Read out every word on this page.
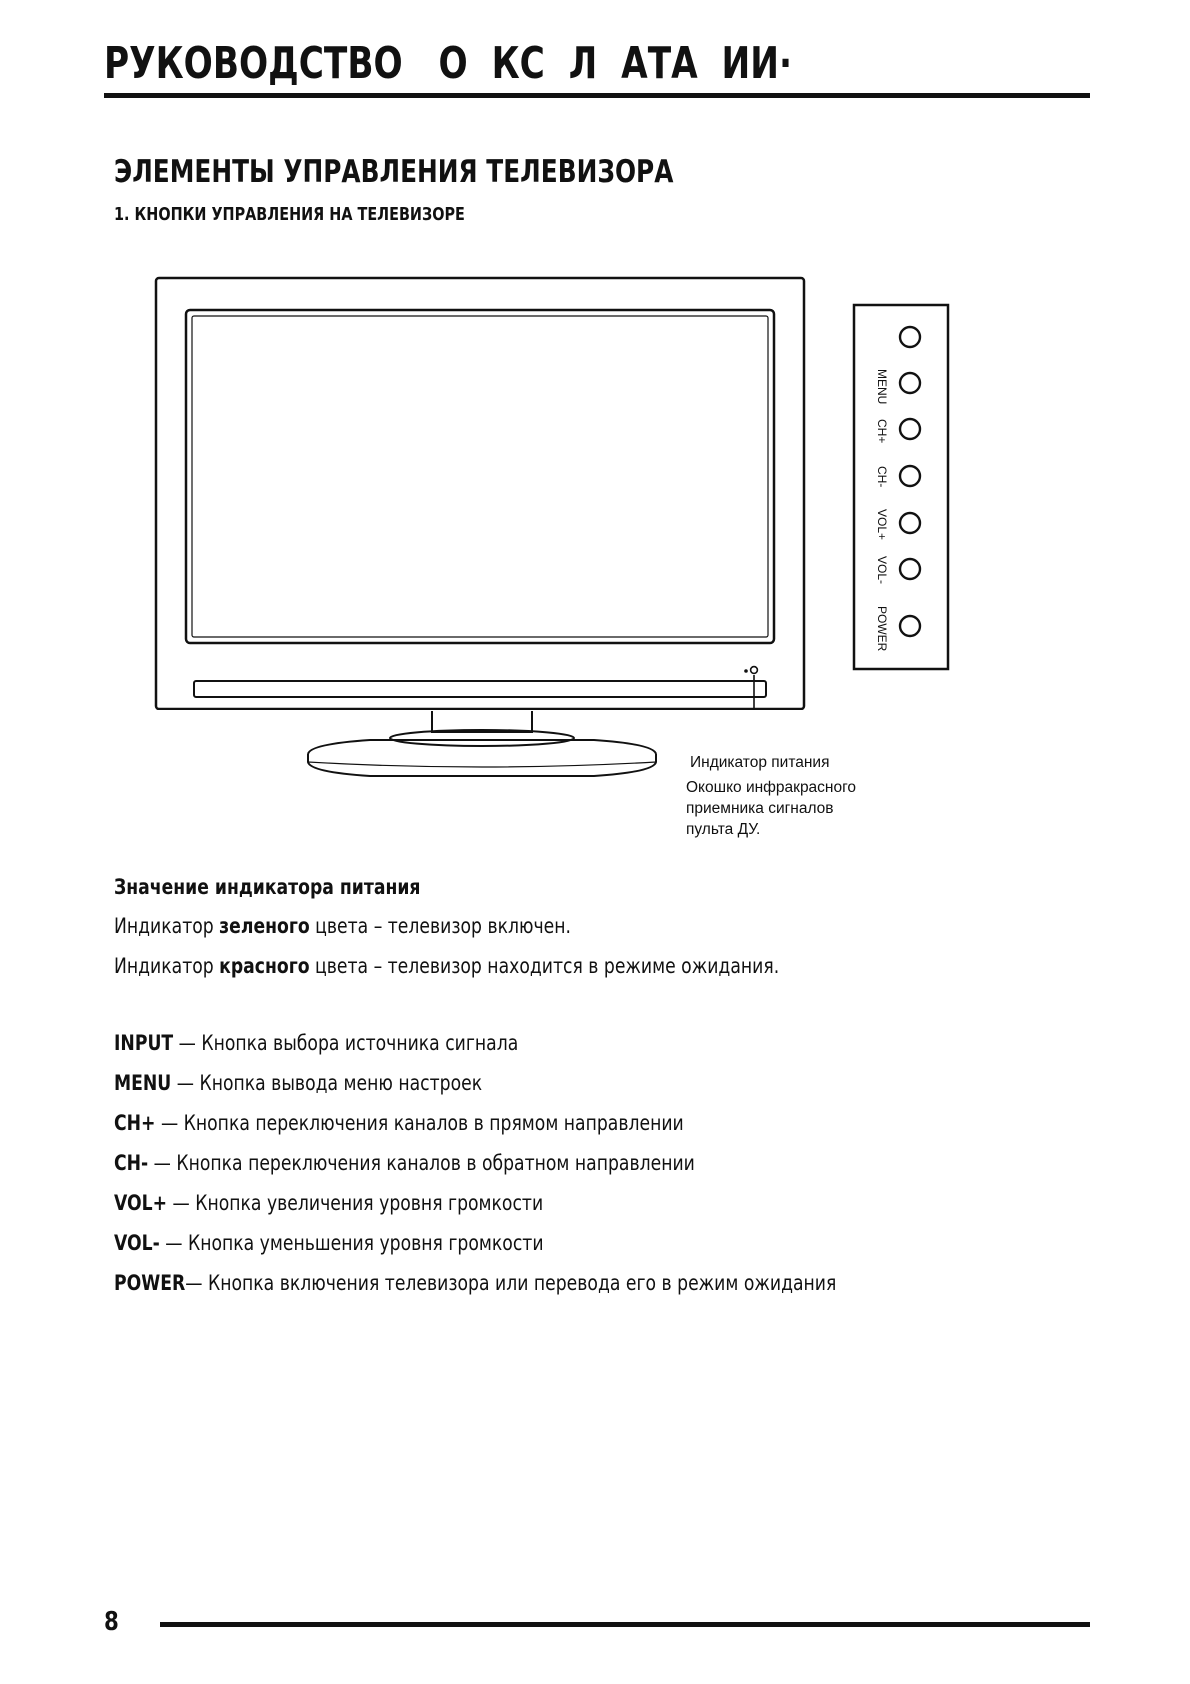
РУКОВОДСТВО   О  КС  Л  АТА  ИИ·
ЭЛЕМЕНТЫ УПРАВЛЕНИЯ ТЕЛЕВИЗОРА
1. КНОПКИ УПРАВЛЕНИЯ НА ТЕЛЕВИЗОРЕ
MENU
CH+
CH-
VOL+
VOL-
POWER
Индикатор питания
Окошко инфракрасного
приемника сигналов
пульта ДУ.
Значение индикатора питания

Индикатор зеленого цвета – телевизор включен.

Индикатор красного цвета – телевизор находится в режиме ожидания.

INPUT — Кнопка выбора источника сигнала
MENU — Кнопка вывода меню настроек
CH+ — Кнопка переключения каналов в прямом направлении
CH- — Кнопка переключения каналов в обратном направлении
VOL+ — Кнопка увеличения уровня громкости
VOL- — Кнопка уменьшения уровня громкости
POWER— Кнопка включения телевизора или перевода его в режим ожидания
8
